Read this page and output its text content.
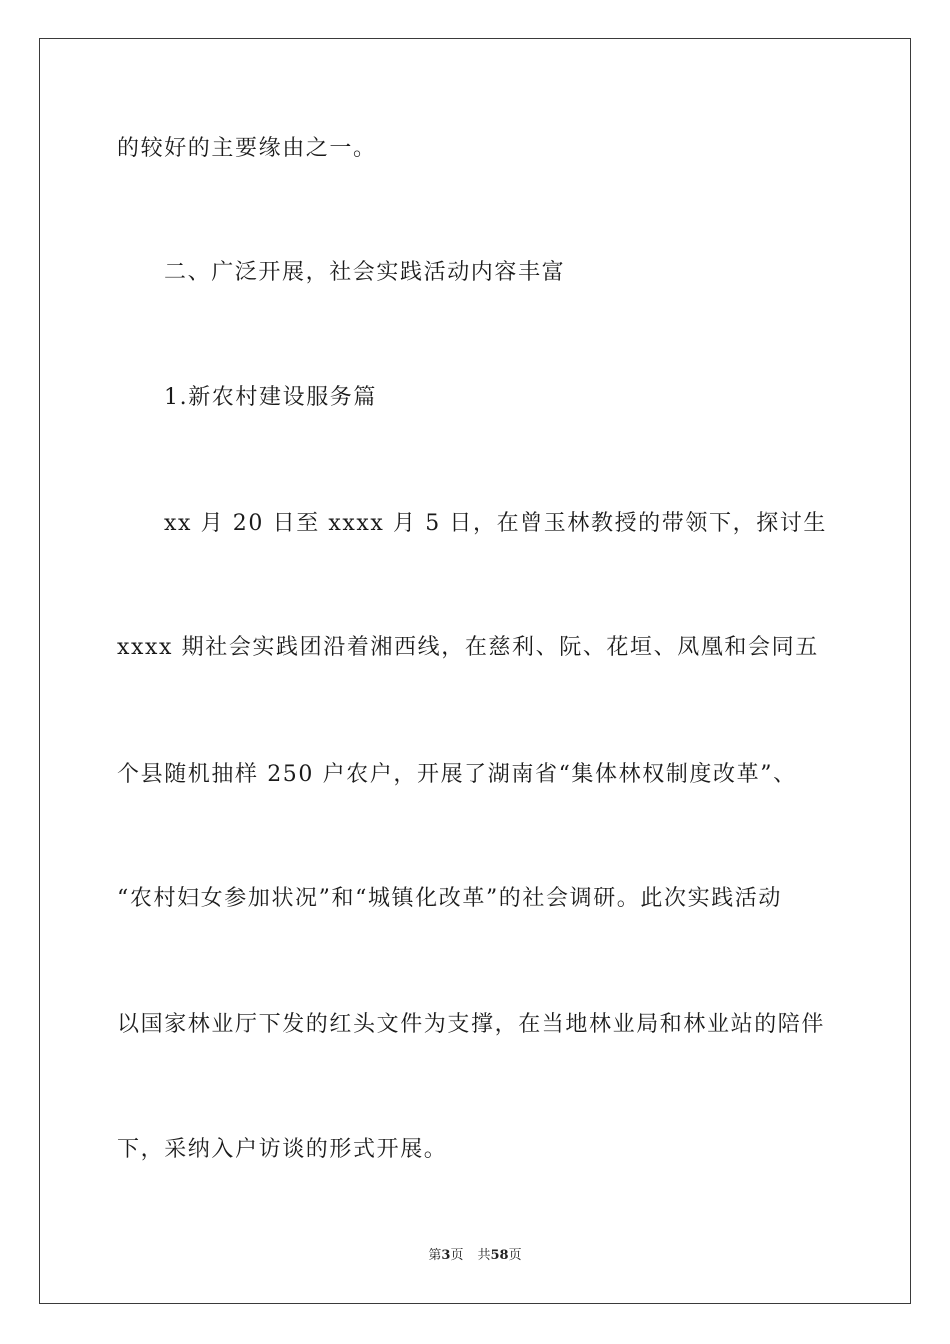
的较好的主要缘由之一。
二、广泛开展，社会实践活动内容丰富
1.新农村建设服务篇
xx 月 20 日至 xxxx 月 5 日，在曾玉林教授的带领下，探讨生
xxxx 期社会实践团沿着湘西线，在慈利、阮、花垣、凤凰和会同五
个县随机抽样 250 户农户，开展了湖南省“集体林权制度改革”、
“农村妇女参加状况”和“城镇化改革”的社会调研。此次实践活动
以国家林业厅下发的红头文件为支撑，在当地林业局和林业站的陪伴
下，采纳入户访谈的形式开展。
第3页 共58页
